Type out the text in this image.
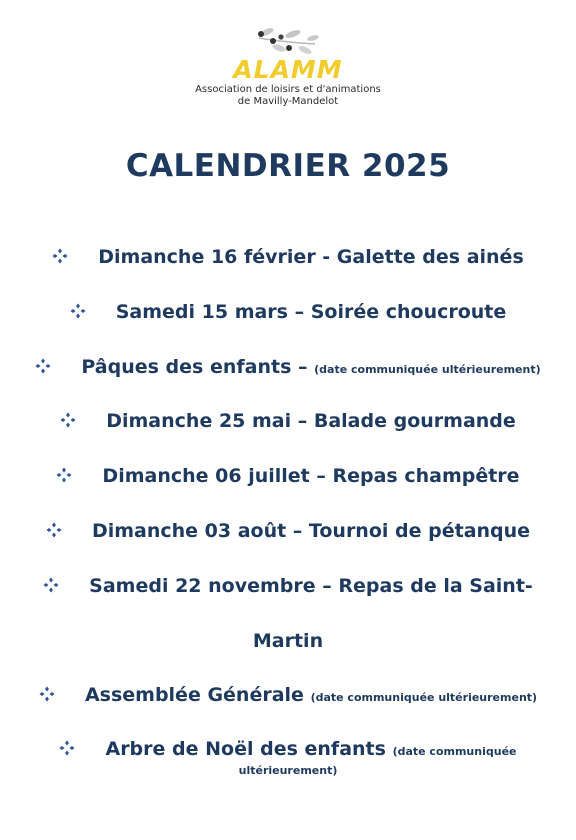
ALAMM
Association de loisirs et d'animations
de Mavilly-Mandelot
CALENDRIER 2025
Dimanche 16 février - Galette des ainés
Samedi 15 mars – Soirée choucroute
Pâques des enfants – (date communiquée ultérieurement)
Dimanche 25 mai – Balade gourmande
Dimanche 06 juillet – Repas champêtre
Dimanche 03 août – Tournoi de pétanque
Samedi 22 novembre – Repas de la Saint-
Martin
Assemblée Générale (date communiquée ultérieurement)
Arbre de Noël des enfants (date communiquée
ultérieurement)
